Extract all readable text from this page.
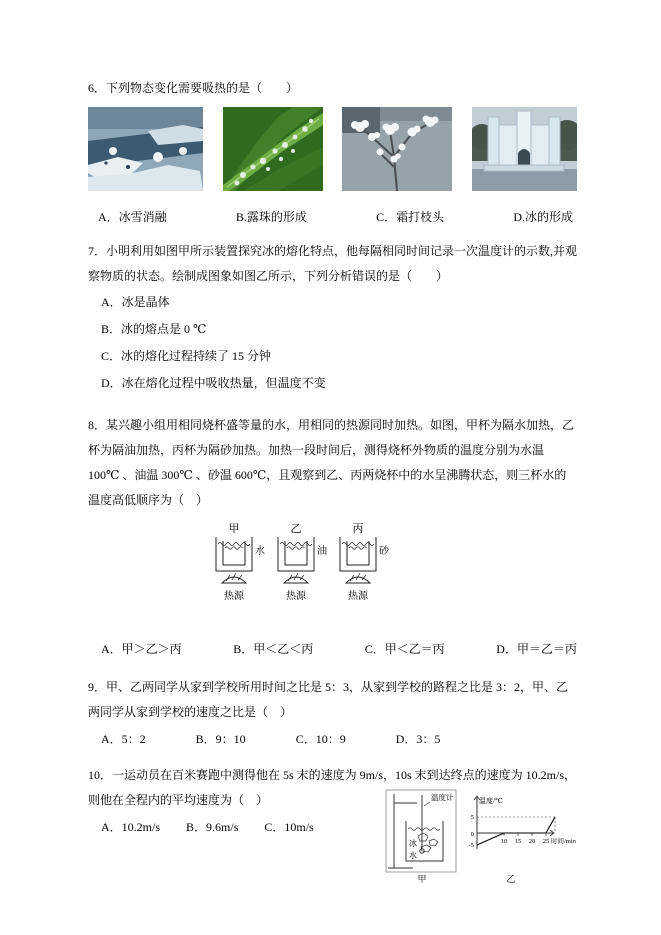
6．下列物态变化需要吸热的是（　　）
A．冰雪消融	B.露珠的形成	C．霜打枝头	D.冰的形成
7．小明利用如图甲所示装置探究冰的熔化特点，他每隔相同时间记录一次温度计的示数,并观察物质的状态。绘制成图象如图乙所示，下列分析错误的是（　　）
A．冰是晶体
B．冰的熔点是 0 ℃
C．冰的熔化过程持续了 15 分钟
D．冰在熔化过程中吸收热量，但温度不变
8．某兴趣小组用相同烧杯盛等量的水，用相同的热源同时加热。如图，甲杯为隔水加热，乙杯为隔油加热，丙杯为隔砂加热。加热一段时间后，测得烧杯外物质的温度分别为水温 100℃ 、油温 300℃ 、砂温 600℃，且观察到乙、丙两烧杯中的水呈沸腾状态，则三杯水的温度高低顺序为（　）
甲
水
热源
乙
油
热源
丙
砂
热源
A．甲＞乙＞丙	B．甲＜乙＜丙	C．甲＜乙＝丙	D．甲＝乙＝丙
9．甲、乙两同学从家到学校所用时间之比是 5：3，从家到学校的路程之比是 3：2，甲、乙两同学从家到学校的速度之比是（　）
A．5：2	B．9：10	C．10：9	D．3：5
10．一运动员在百米赛跑中测得他在 5s 末的速度为 9m/s，10s 末到达终点的速度为 10.2m/s，则他在全程内的平均速度为（　）
A．10.2m/s B．9.6m/s C．10m/s
温度计
冰
水
甲
温度/℃
5
0
-5
10 15 20 25 时间/min
乙
